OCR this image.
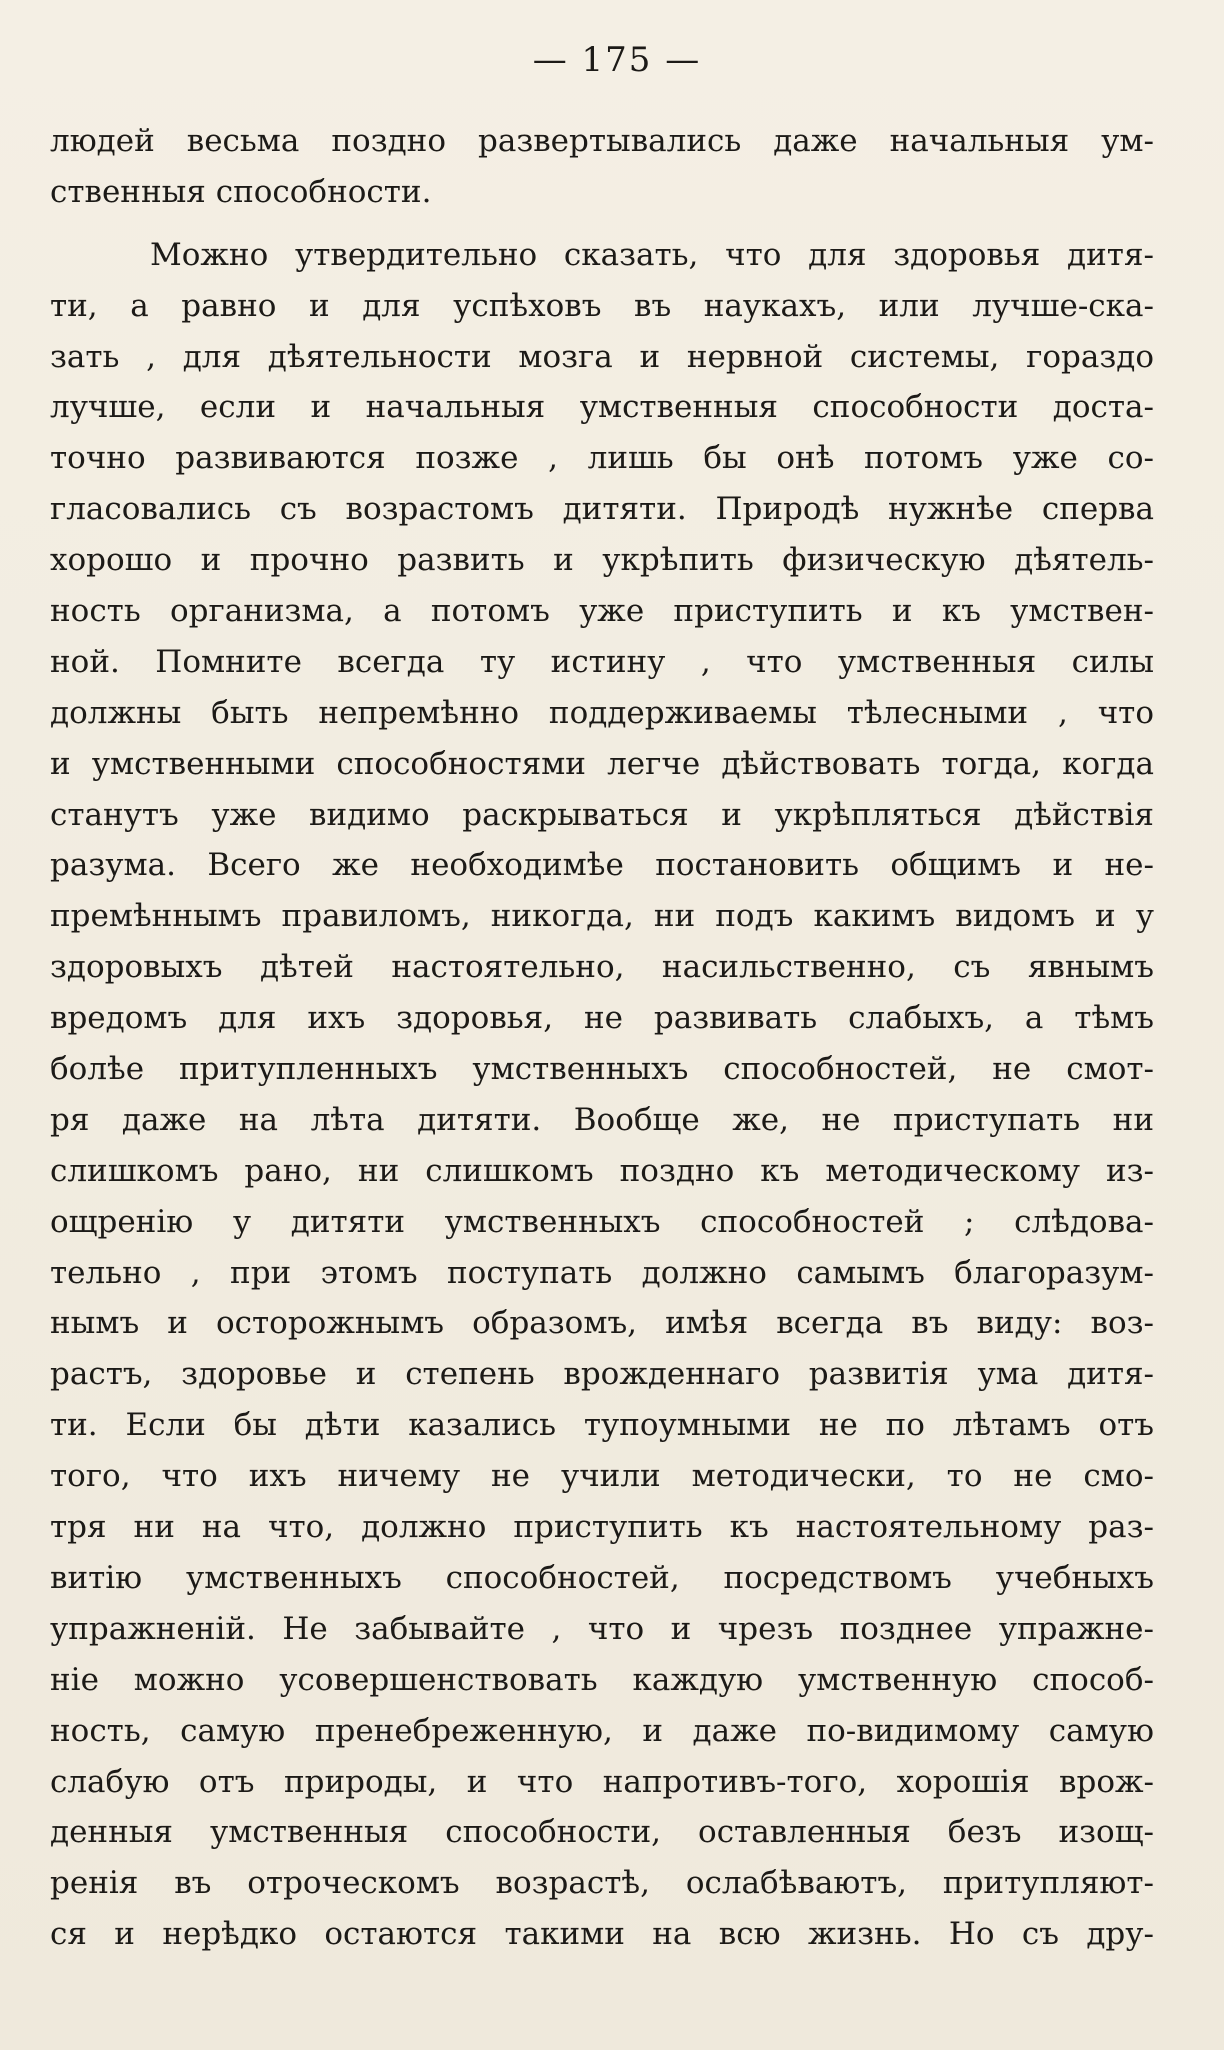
— 175 —
людей весьма поздно развертывались даже начальныя ум-
ственныя способности.
Можно утвердительно сказать, что для здоровья дитя-
ти, а равно и для успѣховъ въ наукахъ, или лучше-ска-
зать , для дѣятельности мозга и нервной системы, гораздо
лучше, если и начальныя умственныя способности доста-
точно развиваются позже , лишь бы онѣ потомъ уже со-
гласовались съ возрастомъ дитяти. Природѣ нужнѣе сперва
хорошо и прочно развить и укрѣпить физическую дѣятель-
ность организма, а потомъ уже приступить и къ умствен-
ной. Помните всегда ту истину , что умственныя силы
должны быть непремѣнно поддерживаемы тѣлесными , что
и умственными способностями легче дѣйствовать тогда, когда
станутъ уже видимо раскрываться и укрѣпляться дѣйствія
разума. Всего же необходимѣе постановить общимъ и не-
премѣннымъ правиломъ, никогда, ни подъ какимъ видомъ и у
здоровыхъ дѣтей настоятельно, насильственно, съ явнымъ
вредомъ для ихъ здоровья, не развивать слабыхъ, а тѣмъ
болѣе притупленныхъ умственныхъ способностей, не смот-
ря даже на лѣта дитяти. Вообще же, не приступать ни
слишкомъ рано, ни слишкомъ поздно къ методическому из-
ощренію у дитяти умственныхъ способностей ; слѣдова-
тельно , при этомъ поступать должно самымъ благоразум-
нымъ и осторожнымъ образомъ, имѣя всегда въ виду: воз-
растъ, здоровье и степень врожденнаго развитія ума дитя-
ти. Если бы дѣти казались тупоумными не по лѣтамъ отъ
того, что ихъ ничему не учили методически, то не смо-
тря ни на что, должно приступить къ настоятельному раз-
витію умственныхъ способностей, посредствомъ учебныхъ
упражненій. Не забывайте , что и чрезъ позднее упражне-
ніе можно усовершенствовать каждую умственную способ-
ность, самую пренебреженную, и даже по-видимому самую
слабую отъ природы, и что напротивъ-того, хорошія врож-
денныя умственныя способности, оставленныя безъ изощ-
ренія въ отроческомъ возрастѣ, ослабѣваютъ, притупляют-
ся и нерѣдко остаются такими на всю жизнь. Но съ дру-
